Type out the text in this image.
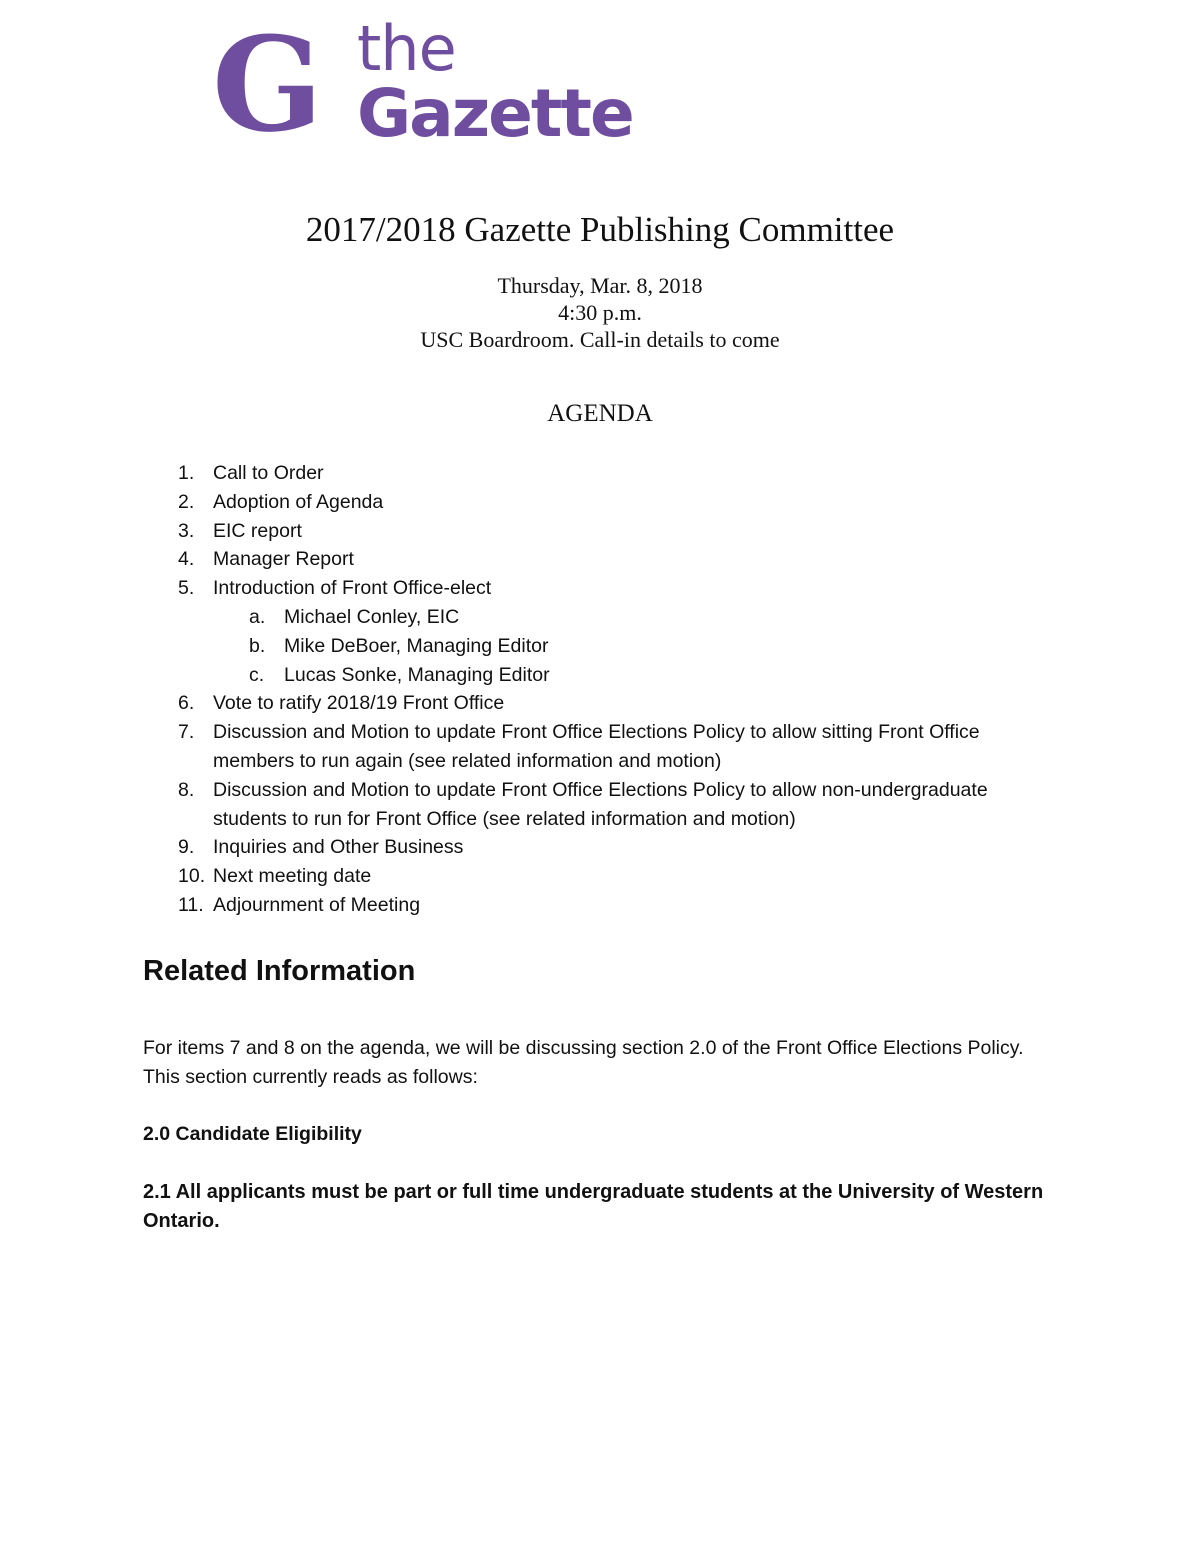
G the
Gazette
2017/2018 Gazette Publishing Committee
Thursday, Mar. 8, 2018
4:30 p.m.
USC Boardroom. Call-in details to come
AGENDA
1. Call to Order
2. Adoption of Agenda
3. EIC report
4. Manager Report
5. Introduction of Front Office-elect
a. Michael Conley, EIC
b. Mike DeBoer, Managing Editor
c. Lucas Sonke, Managing Editor
6. Vote to ratify 2018/19 Front Office
7. Discussion and Motion to update Front Office Elections Policy to allow sitting Front Office members to run again (see related information and motion)
8. Discussion and Motion to update Front Office Elections Policy to allow non-undergraduate students to run for Front Office (see related information and motion)
9. Inquiries and Other Business
10. Next meeting date
11. Adjournment of Meeting
Related Information
For items 7 and 8 on the agenda, we will be discussing section 2.0 of the Front Office Elections Policy. This section currently reads as follows:
2.0 Candidate Eligibility
2.1 All applicants must be part or full time undergraduate students at the University of Western Ontario.
